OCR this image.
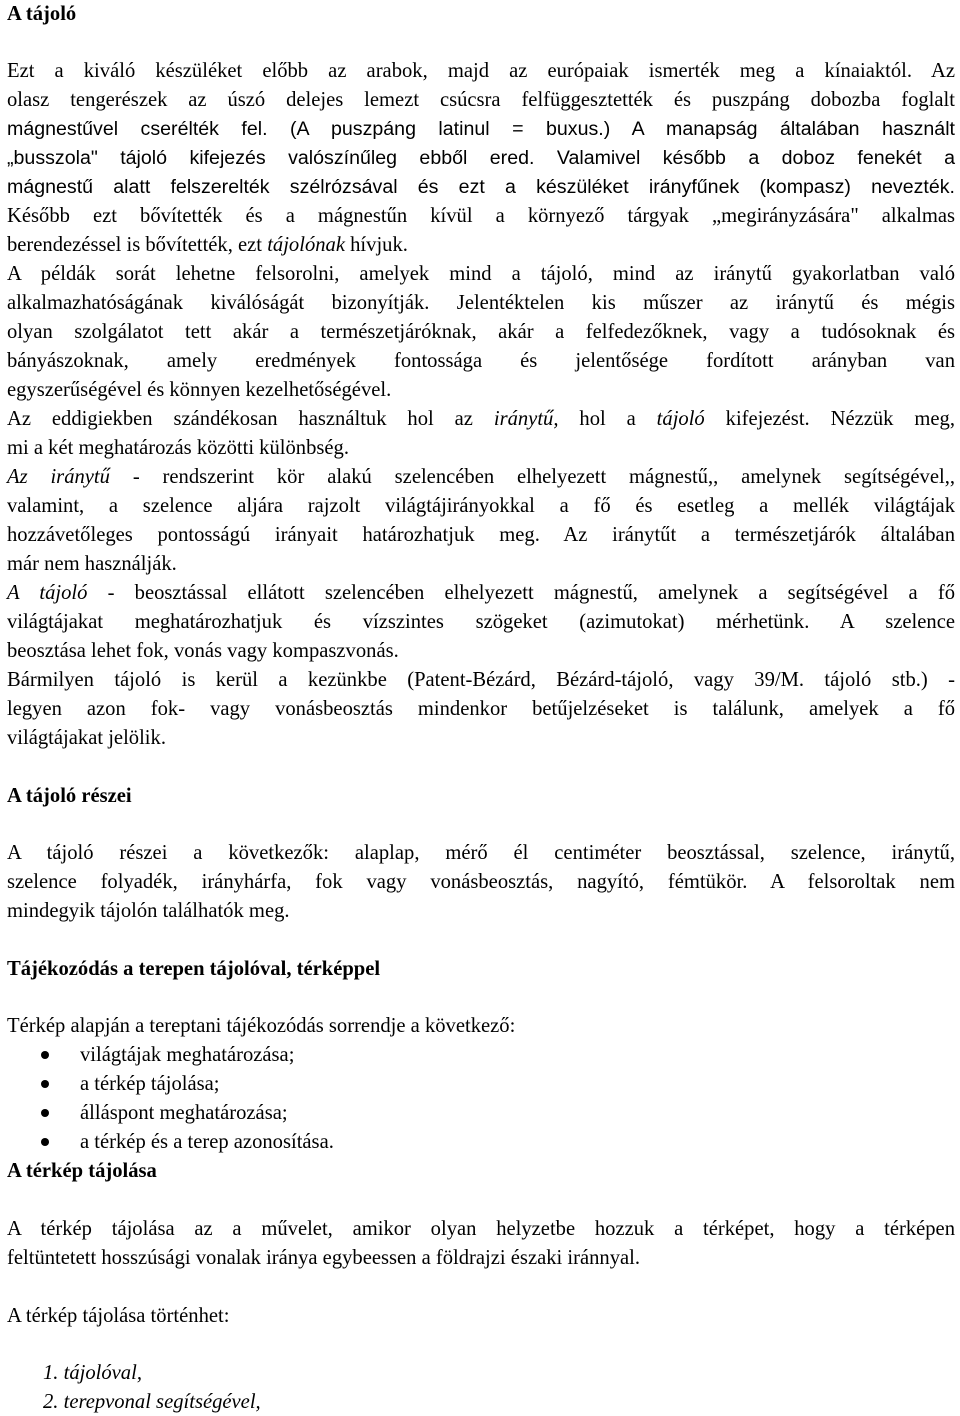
A tájoló
Ezt a kiváló készüléket előbb az arabok, majd az európaiak ismerték meg a kínaiaktól. Az
olasz tengerészek az úszó delejes lemezt csúcsra felfüggesztették és puszpáng dobozba foglalt
mágnestűvel cserélték fel. (A puszpáng latinul = buxus.) A manapság általában használt
„busszola" tájoló kifejezés valószínűleg ebből ered. Valamivel később a doboz fenekét a
mágnestű alatt felszerelték szélrózsával és ezt a készüléket irányfűnek (kompasz) nevezték.
Később ezt bővítették és a mágnestűn kívül a környező tárgyak „megirányzására" alkalmas
berendezéssel is bővítették, ezt tájolónak hívjuk.
A példák sorát lehetne felsorolni, amelyek mind a tájoló, mind az iránytű gyakorlatban való
alkalmazhatóságának kiválóságát bizonyítják. Jelentéktelen kis műszer az iránytű és mégis
olyan szolgálatot tett akár a természetjáróknak, akár a felfedezőknek, vagy a tudósoknak és
bányászoknak, amely eredmények fontossága és jelentősége fordított arányban van
egyszerűségével és könnyen kezelhetőségével.
Az eddigiekben szándékosan használtuk hol az iránytű, hol a tájoló kifejezést. Nézzük meg,
mi a két meghatározás közötti különbség.
Az iránytű - rendszerint kör alakú szelencében elhelyezett mágnestű,, amelynek segítségével,,
valamint, a szelence aljára rajzolt világtájirányokkal a fő és esetleg a mellék világtájak
hozzávetőleges pontosságú irányait határozhatjuk meg. Az iránytűt a természetjárók általában
már nem használják.
A tájoló - beosztással ellátott szelencében elhelyezett mágnestű, amelynek a segítségével a fő
világtájakat meghatározhatjuk és vízszintes szögeket (azimutokat) mérhetünk. A szelence
beosztása lehet fok, vonás vagy kompaszvonás.
Bármilyen tájoló is kerül a kezünkbe (Patent-Bézárd, Bézárd-tájoló, vagy 39/M. tájoló stb.) -
legyen azon fok- vagy vonásbeosztás mindenkor betűjelzéseket is találunk, amelyek a fő
világtájakat jelölik.
A tájoló részei
A tájoló részei a következők: alaplap, mérő él centiméter beosztással, szelence, iránytű,
szelence folyadék, irányhárfa, fok vagy vonásbeosztás, nagyító, fémtükör. A felsoroltak nem
mindegyik tájolón találhatók meg.
Tájékozódás a terepen tájolóval, térképpel
Térkép alapján a tereptani tájékozódás sorrendje a következő:
világtájak meghatározása;
a térkép tájolása;
álláspont meghatározása;
a térkép és a terep azonosítása.
A térkép tájolása
A térkép tájolása az a művelet, amikor olyan helyzetbe hozzuk a térképet, hogy a térképen
feltüntetett hosszúsági vonalak iránya egybeessen a földrajzi északi iránnyal.
A térkép tájolása történhet:
1. tájolóval,
2. terepvonal segítségével,
